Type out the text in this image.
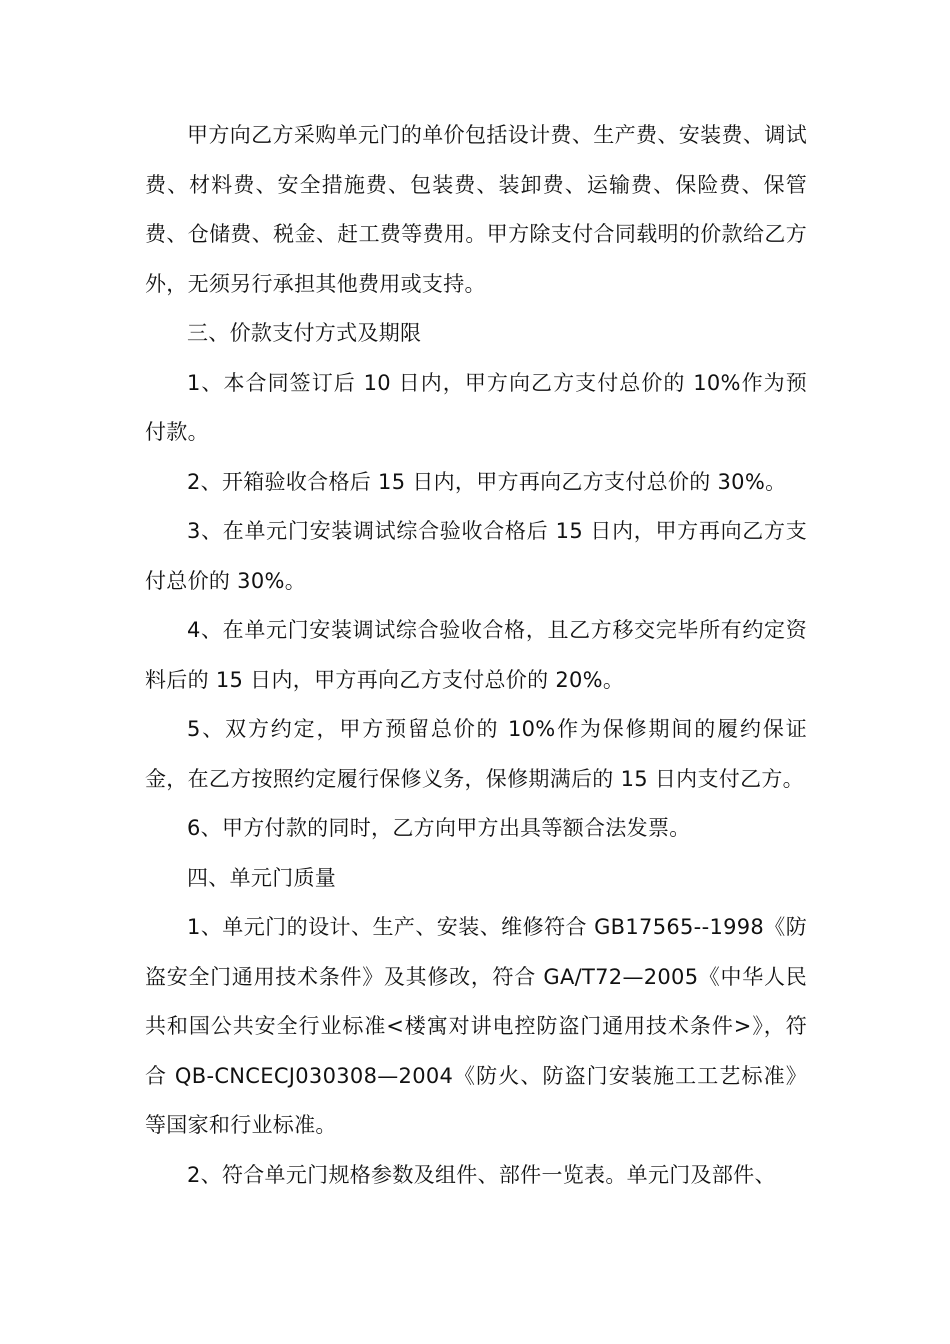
甲方向乙方采购单元门的单价包括设计费、生产费、安装费、调试费、材料费、安全措施费、包装费、装卸费、运输费、保险费、保管费、仓储费、税金、赶工费等费用。甲方除支付合同载明的价款给乙方外，无须另行承担其他费用或支持。

三、价款支付方式及期限

1、本合同签订后 10 日内，甲方向乙方支付总价的 10%作为预付款。

2、开箱验收合格后 15 日内，甲方再向乙方支付总价的 30%。

3、在单元门安装调试综合验收合格后 15 日内，甲方再向乙方支付总价的 30%。

4、在单元门安装调试综合验收合格，且乙方移交完毕所有约定资料后的 15 日内，甲方再向乙方支付总价的 20%。

5、双方约定，甲方预留总价的 10%作为保修期间的履约保证金，在乙方按照约定履行保修义务，保修期满后的 15 日内支付乙方。

6、甲方付款的同时，乙方向甲方出具等额合法发票。

四、单元门质量

1、单元门的设计、生产、安装、维修符合 GB17565--1998《防盗安全门通用技术条件》及其修改，符合 GA/T72—2005《中华人民共和国公共安全行业标准<楼寓对讲电控防盗门通用技术条件>》，符合 QB-CNCECJ030308—2004《防火、防盗门安装施工工艺标准》等国家和行业标准。

2、符合单元门规格参数及组件、部件一览表。单元门及部件、
